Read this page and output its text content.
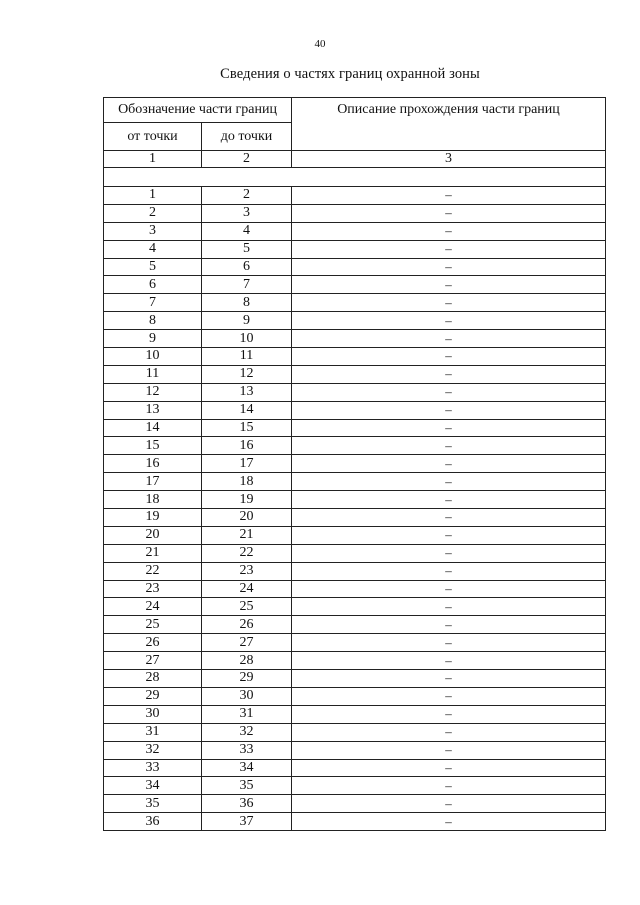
40
Сведения о частях границ охранной зоны
Обозначение части границ		Описание прохождения части границ
от точки	до точки	
1	2	3

1	2	–
2	3	–
3	4	–
4	5	–
5	6	–
6	7	–
7	8	–
8	9	–
9	10	–
10	11	–
11	12	–
12	13	–
13	14	–
14	15	–
15	16	–
16	17	–
17	18	–
18	19	–
19	20	–
20	21	–
21	22	–
22	23	–
23	24	–
24	25	–
25	26	–
26	27	–
27	28	–
28	29	–
29	30	–
30	31	–
31	32	–
32	33	–
33	34	–
34	35	–
35	36	–
36	37	–
